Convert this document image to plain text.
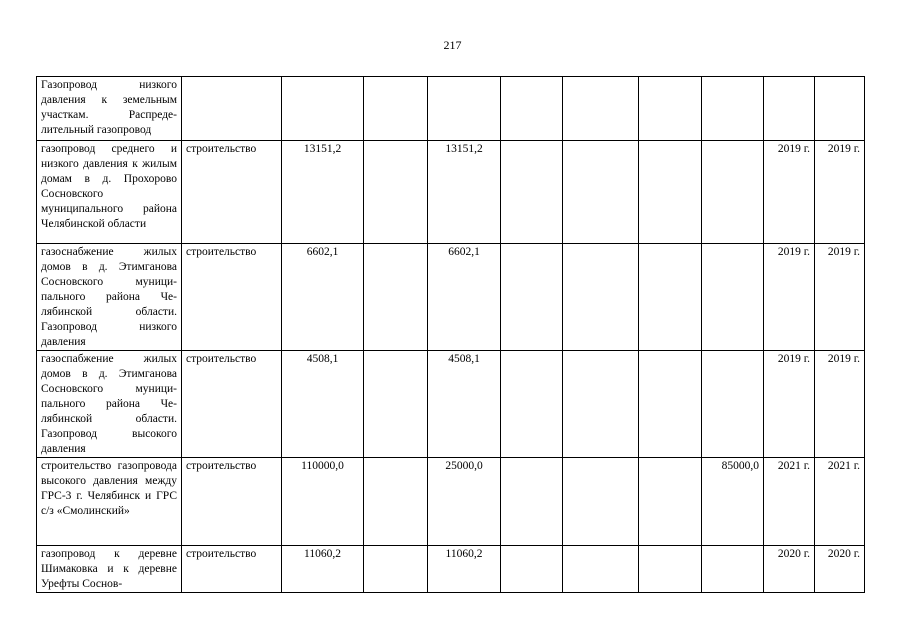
217
Газопровод низкого давления к земельным участкам. Распределительный газопровод										
газопровод среднего и низкого давления к жилым домам в д. Прохорово Сосновского муниципального района Челябинской области	строительство	13151,2		13151,2					2019 г.	2019 г.
газоснабжение жилых домов в д. Этимганова Сосновского муниципального района Челябинской области. Газопровод низкого давления	строительство	6602,1		6602,1					2019 г.	2019 г.
газоспабжение жилых домов в д. Этимганова Сосновского муниципального района Челябинской области. Газопровод высокого давления	строительство	4508,1		4508,1					2019 г.	2019 г.
строительство газопровода высокого давления между ГРС-3 г. Челябинск и ГРС с/з «Смолинский»	строительство	110000,0		25000,0				85000,0	2021 г.	2021 г.
газопровод к деревне Шимаковка и к деревне Урефты Соснов-	строительство	11060,2		11060,2					2020 г.	2020 г.
